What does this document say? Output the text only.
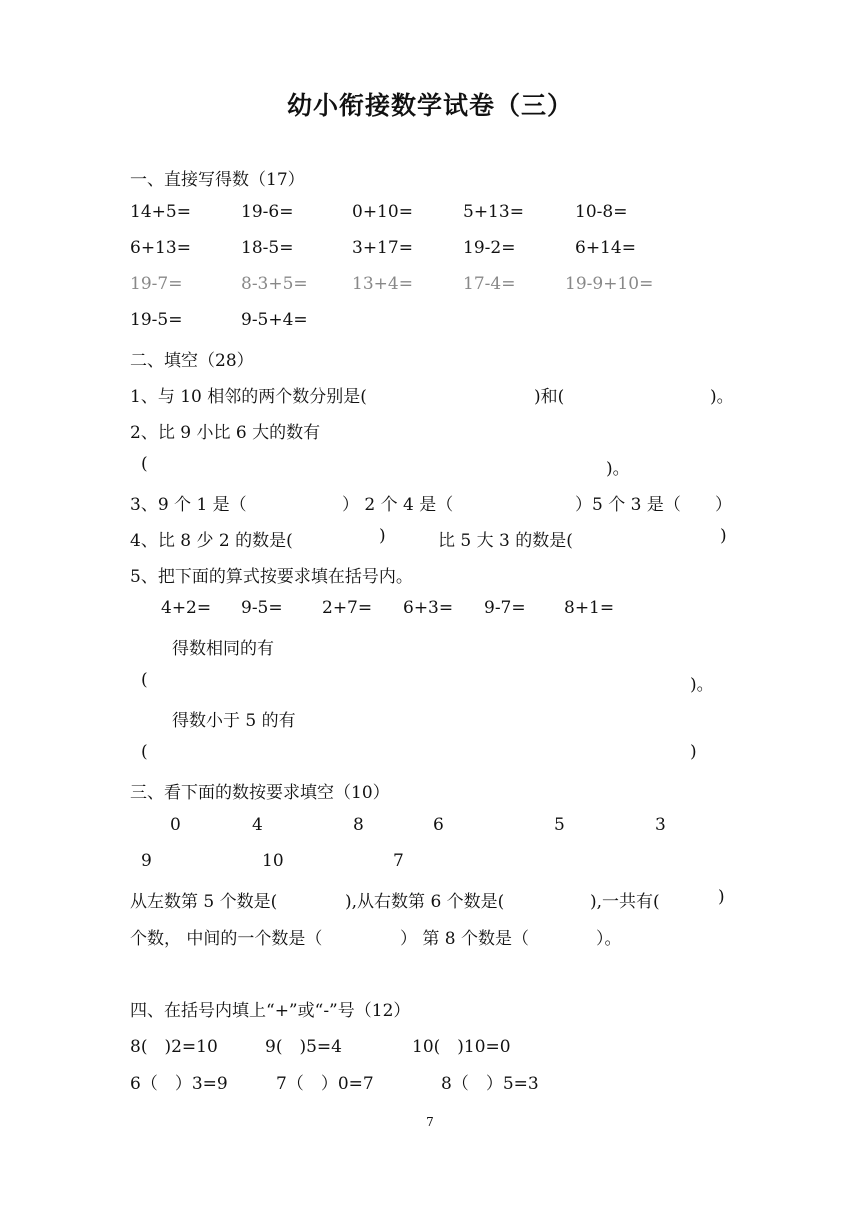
幼小衔接数学试卷（三）
一、直接写得数（17）
14+5=	19-6=	0+10=	5+13=	10-8=
6+13=	18-5=	3+17=	19-2=	6+14=
19-7=	8-3+5=	13+4=	17-4=	19-9+10=
19-5=	9-5+4=
二、填空（28）
1、与 10 相邻的两个数分别是(	)和(	)。
2、比 9 小比 6 大的数有
(	)。
3、9 个 1 是（	） 2 个 4 是（	）5 个 3 是（ ）
4、比 8 少 2 的数是(	)	比 5 大 3 的数是(	)
5、把下面的算式按要求填在括号内。
4+2= 9-5= 2+7= 6+3= 9-7= 8+1=
得数相同的有
(	)。
得数小于 5 的有
(	)
三、看下面的数按要求填空（10）
0	4	8	6	5	3
9	10	7
从左数第 5 个数是(	),从右数第 6 个数是(	),一共有(	)
个数， 中间的一个数是（	） 第 8 个数是（	）。
四、在括号内填上“+”或“-”号（12）
8(　)2=10	9(　)5=4	10(　)10=0
6（　）3=9	7（　）0=7	8（　）5=3
7
